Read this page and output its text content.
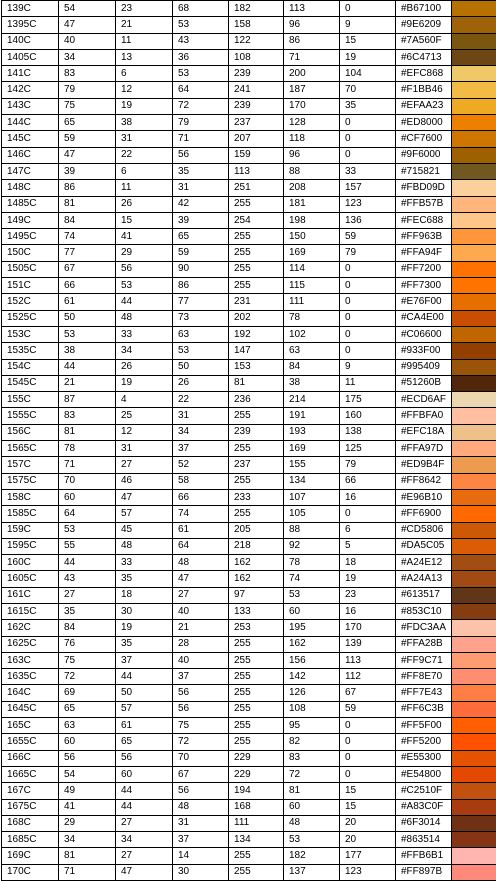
139C	54	23	68	182	113	0	#B67100	
1395C	47	21	53	158	96	9	#9E6209	
140C	40	11	43	122	86	15	#7A560F	
1405C	34	13	36	108	71	19	#6C4713	
141C	83	6	53	239	200	104	#EFC868	
142C	79	12	64	241	187	70	#F1BB46	
143C	75	19	72	239	170	35	#EFAA23	
144C	65	38	79	237	128	0	#ED8000	
145C	59	31	71	207	118	0	#CF7600	
146C	47	22	56	159	96	0	#9F6000	
147C	39	6	35	113	88	33	#715821	
148C	86	11	31	251	208	157	#FBD09D	
1485C	81	26	42	255	181	123	#FFB57B	
149C	84	15	39	254	198	136	#FEC688	
1495C	74	41	65	255	150	59	#FF963B	
150C	77	29	59	255	169	79	#FFA94F	
1505C	67	56	90	255	114	0	#FF7200	
151C	66	53	86	255	115	0	#FF7300	
152C	61	44	77	231	111	0	#E76F00	
1525C	50	48	73	202	78	0	#CA4E00	
153C	53	33	63	192	102	0	#C06600	
1535C	38	34	53	147	63	0	#933F00	
154C	44	26	50	153	84	9	#995409	
1545C	21	19	26	81	38	11	#51260B	
155C	87	4	22	236	214	175	#ECD6AF	
1555C	83	25	31	255	191	160	#FFBFA0	
156C	81	12	34	239	193	138	#EFC18A	
1565C	78	31	37	255	169	125	#FFA97D	
157C	71	27	52	237	155	79	#ED9B4F	
1575C	70	46	58	255	134	66	#FF8642	
158C	60	47	66	233	107	16	#E96B10	
1585C	64	57	74	255	105	0	#FF6900	
159C	53	45	61	205	88	6	#CD5806	
1595C	55	48	64	218	92	5	#DA5C05	
160C	44	33	48	162	78	18	#A24E12	
1605C	43	35	47	162	74	19	#A24A13	
161C	27	18	27	97	53	23	#613517	
1615C	35	30	40	133	60	16	#853C10	
162C	84	19	21	253	195	170	#FDC3AA	
1625C	76	35	28	255	162	139	#FFA28B	
163C	75	37	40	255	156	113	#FF9C71	
1635C	72	44	37	255	142	112	#FF8E70	
164C	69	50	56	255	126	67	#FF7E43	
1645C	65	57	56	255	108	59	#FF6C3B	
165C	63	61	75	255	95	0	#FF5F00	
1655C	60	65	72	255	82	0	#FF5200	
166C	56	56	70	229	83	0	#E55300	
1665C	54	60	67	229	72	0	#E54800	
167C	49	44	56	194	81	15	#C2510F	
1675C	41	44	48	168	60	15	#A83C0F	
168C	29	27	31	111	48	20	#6F3014	
1685C	34	34	37	134	53	20	#863514	
169C	81	27	14	255	182	177	#FFB6B1	
170C	71	47	30	255	137	123	#FF897B	
